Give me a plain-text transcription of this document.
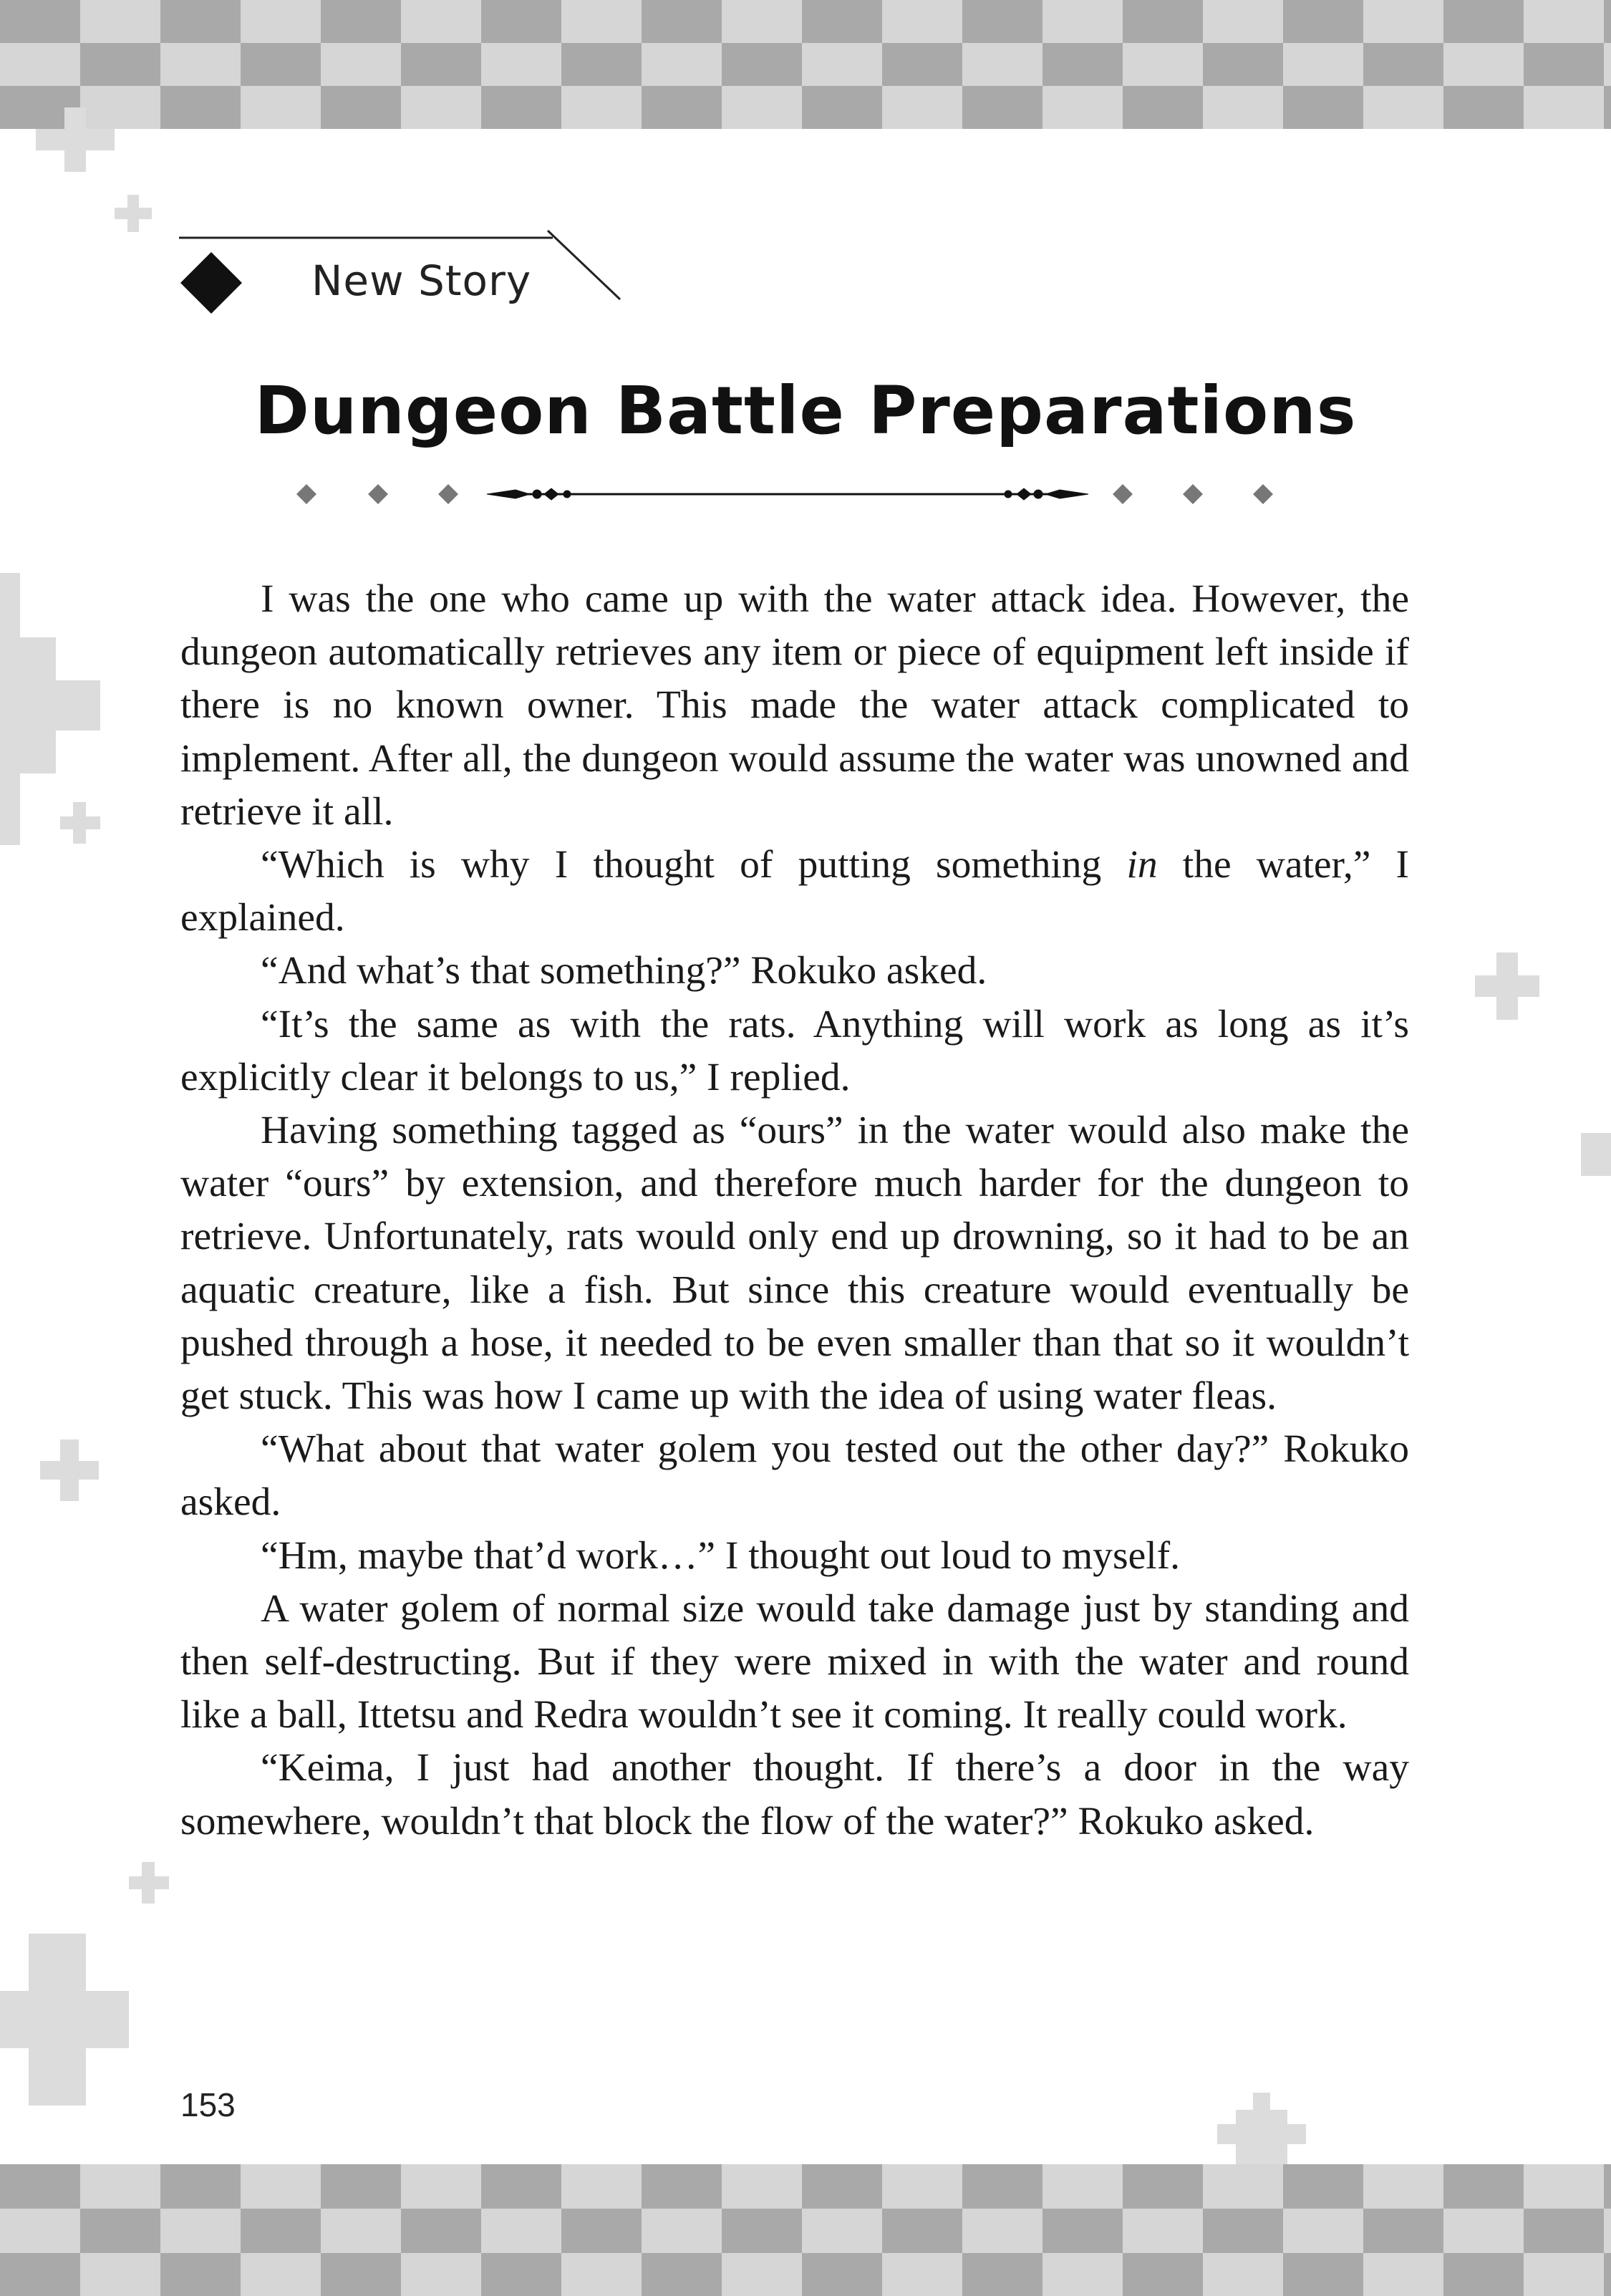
New Story
Dungeon Battle Preparations

I was the one who came up with the water attack idea. However, the dungeon automatically retrieves any item or piece of equipment left inside if there is no known owner. This made the water attack complicated to implement. After all, the dungeon would assume the water was unowned and retrieve it all.

“Which is why I thought of putting something in the water,” I explained.

“And what’s that something?” Rokuko asked.

“It’s the same as with the rats. Anything will work as long as it’s explicitly clear it belongs to us,” I replied.

Having something tagged as “ours” in the water would also make the water “ours” by extension, and therefore much harder for the dungeon to retrieve. Unfortunately, rats would only end up drowning, so it had to be an aquatic creature, like a fish. But since this creature would eventually be pushed through a hose, it needed to be even smaller than that so it wouldn’t get stuck. This was how I came up with the idea of using water fleas.

“What about that water golem you tested out the other day?” Rokuko asked.

“Hm, maybe that’d work…” I thought out loud to myself.

A water golem of normal size would take damage just by standing and then self-destructing. But if they were mixed in with the water and round like a ball, Ittetsu and Redra wouldn’t see it coming. It really could work.

“Keima, I just had another thought. If there’s a door in the way somewhere, wouldn’t that block the flow of the water?” Rokuko asked.

153
